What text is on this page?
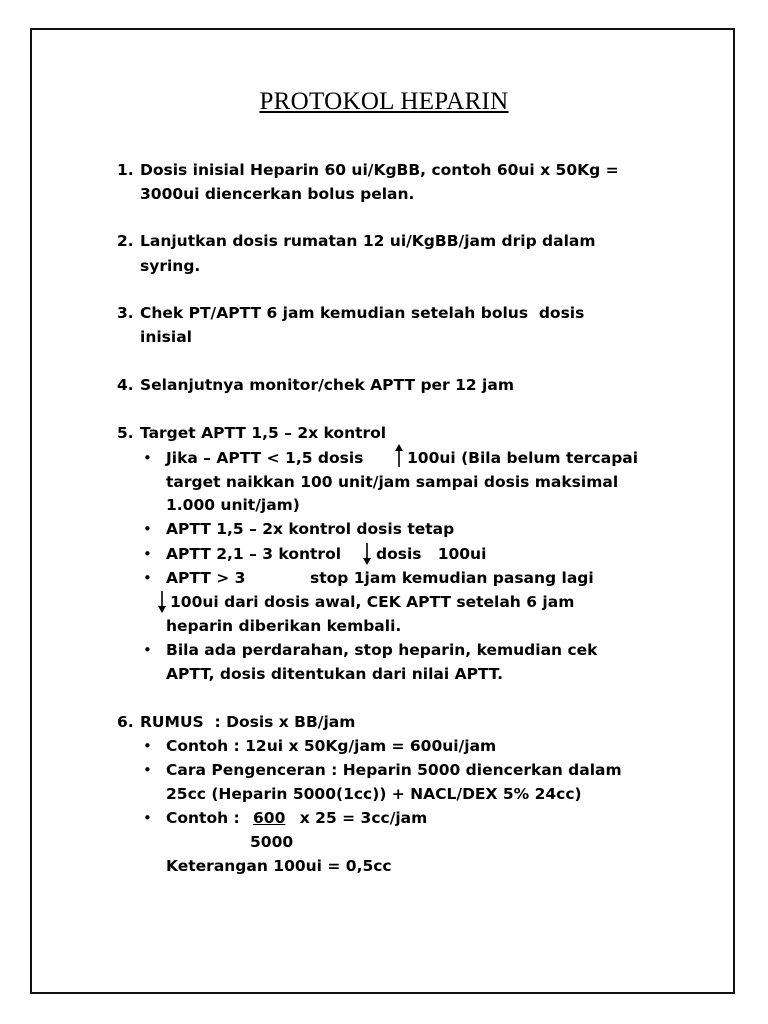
PROTOKOL HEPARIN
1. Dosis inisial Heparin 60 ui/KgBB, contoh 60ui x 50Kg =
3000ui diencerkan bolus pelan.
2. Lanjutkan dosis rumatan 12 ui/KgBB/jam drip dalam
syring.
3. Chek PT/APTT 6 jam kemudian setelah bolus  dosis
inisial
4. Selanjutnya monitor/chek APTT per 12 jam
5. Target APTT 1,5 – 2x kontrol
• Jika – APTT < 1,5 dosis	100ui (Bila belum tercapai
target naikkan 100 unit/jam sampai dosis maksimal
1.000 unit/jam)
• APTT 1,5 – 2x kontrol dosis tetap
• APTT 2,1 – 3 kontrol dosis   100ui
• APTT > 3	stop 1jam kemudian pasang lagi
100ui dari dosis awal, CEK APTT setelah 6 jam
heparin diberikan kembali.
• Bila ada perdarahan, stop heparin, kemudian cek
APTT, dosis ditentukan dari nilai APTT.
6. RUMUS  : Dosis x BB/jam
• Contoh : 12ui x 50Kg/jam = 600ui/jam
• Cara Pengenceran : Heparin 5000 diencerkan dalam
25cc (Heparin 5000(1cc)) + NACL/DEX 5% 24cc)
• Contoh : 600 x 25 = 3cc/jam
5000
Keterangan 100ui = 0,5cc
